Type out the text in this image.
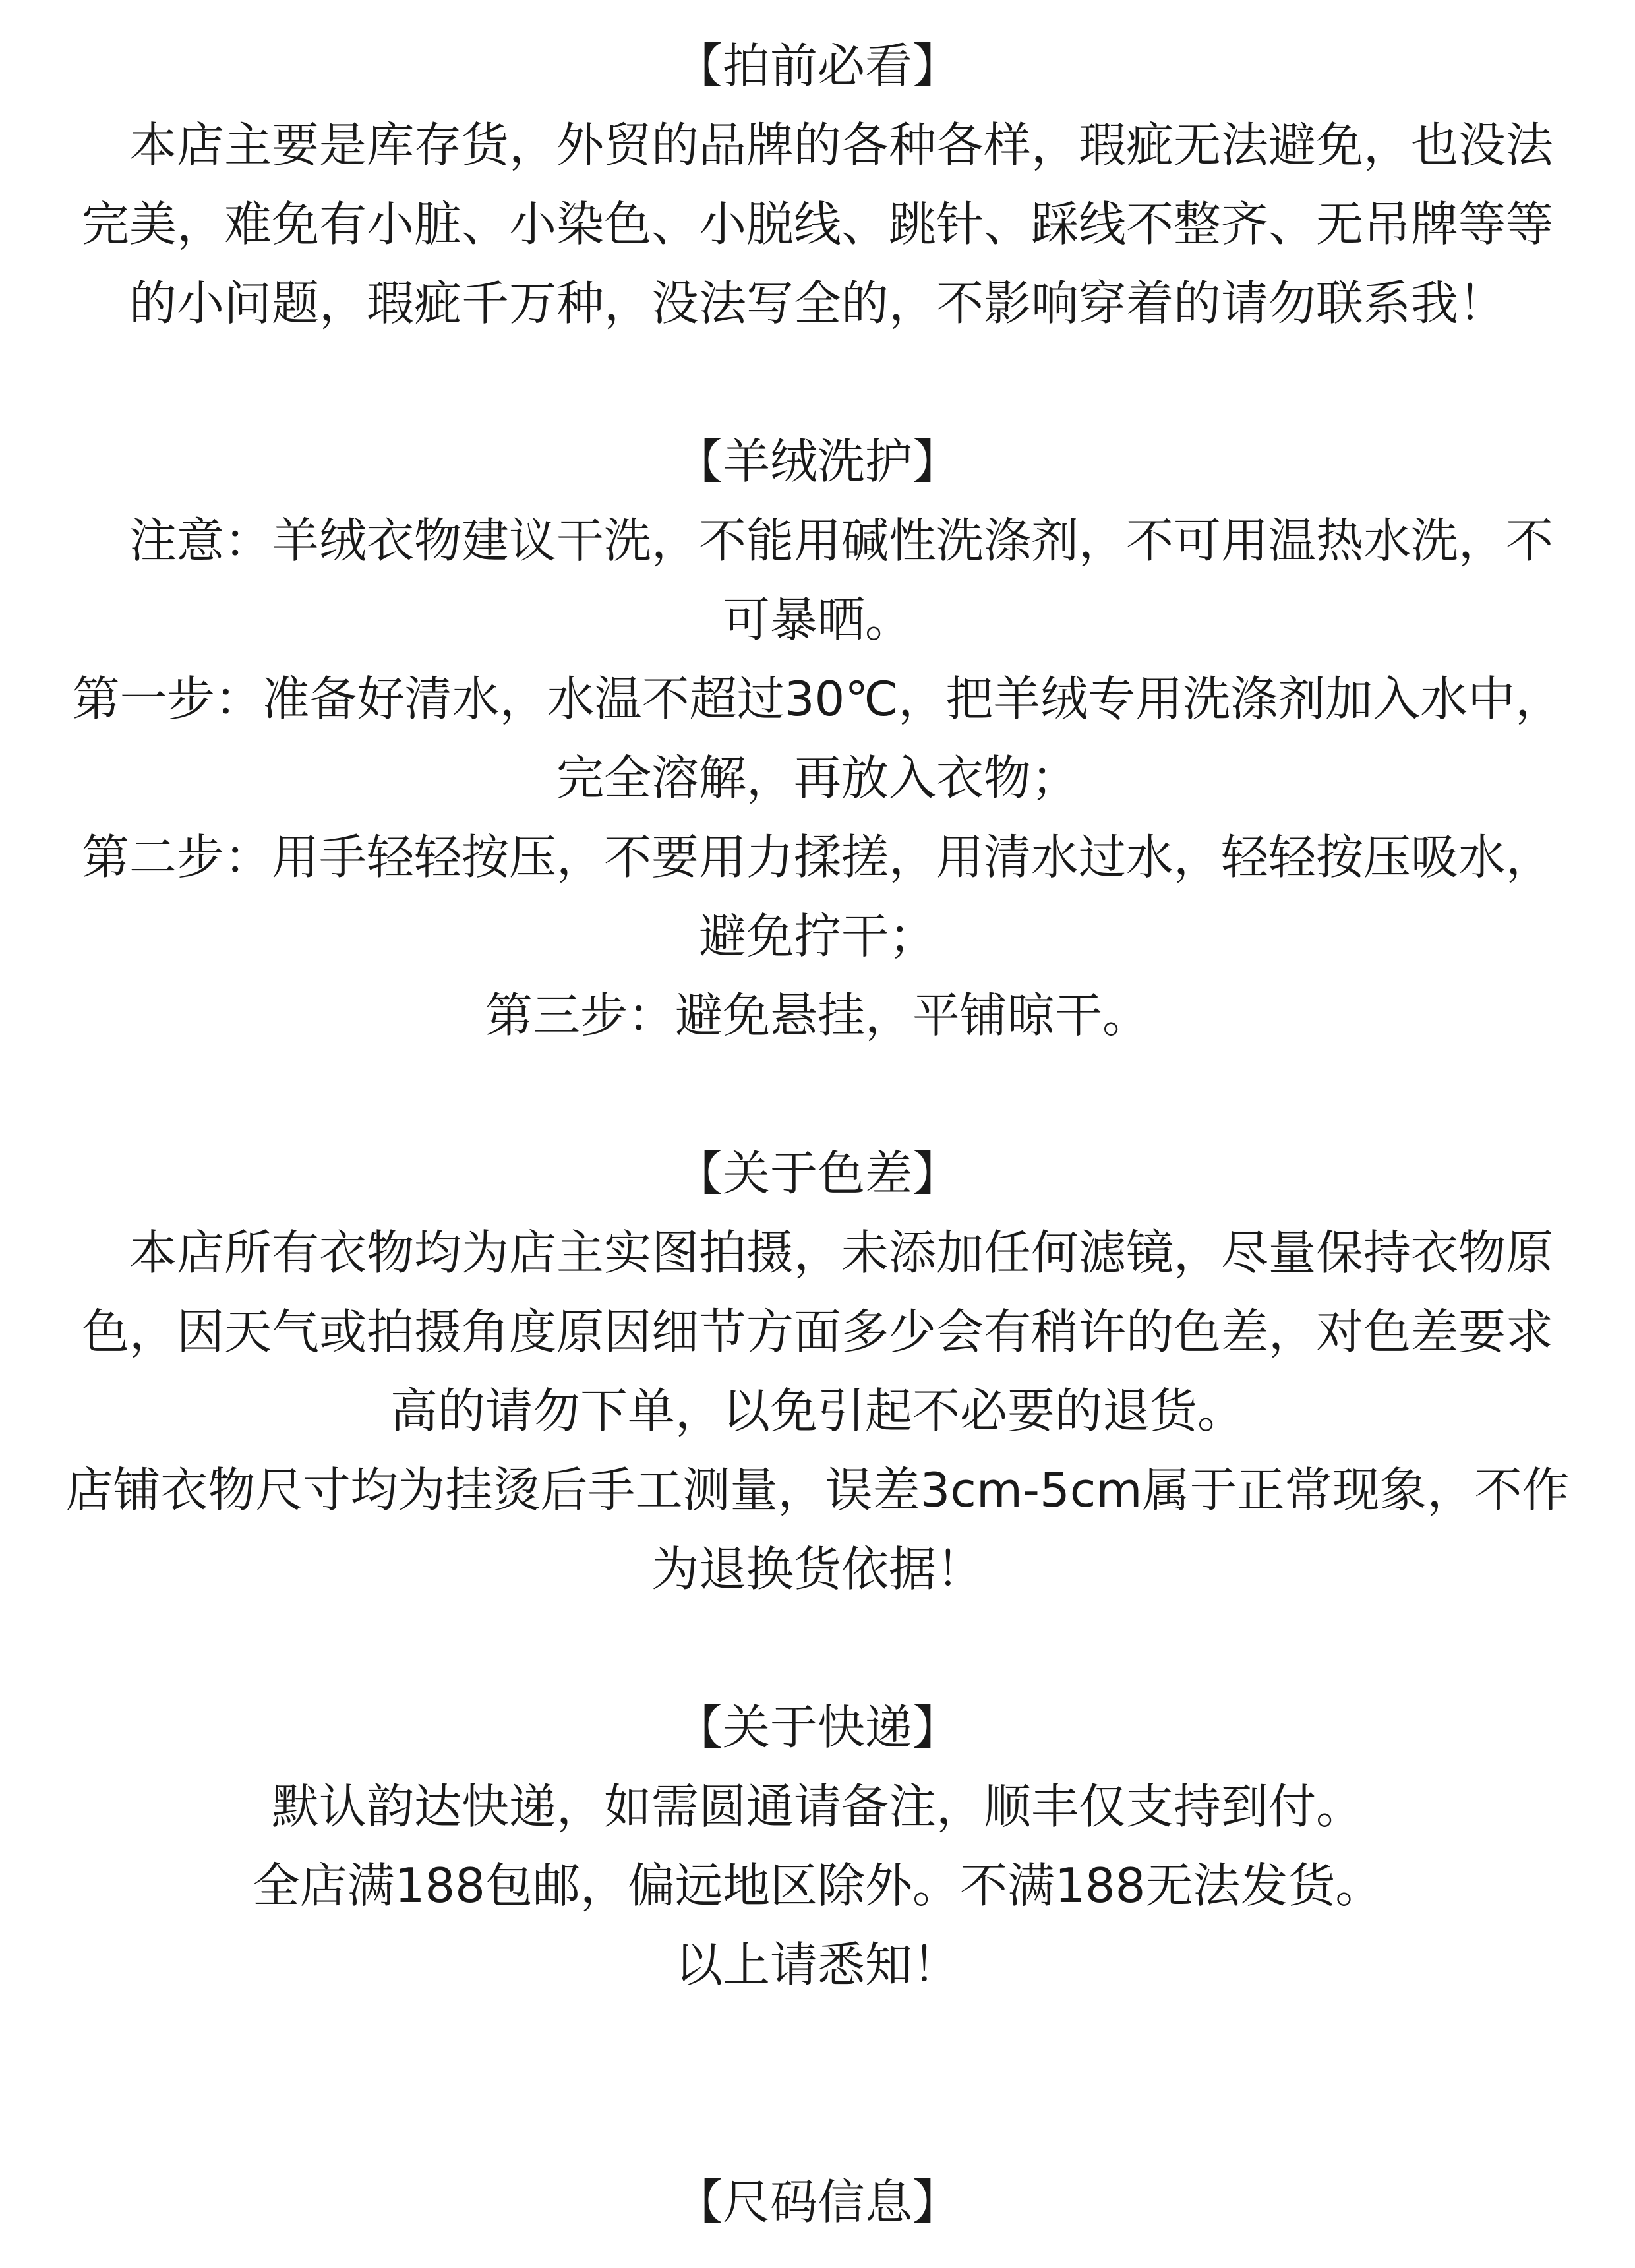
【拍前必看】
　本店主要是库存货，外贸的品牌的各种各样，瑕疵无法避免，也没法
完美，难免有小脏、小染色、小脱线、跳针、踩线不整齐、无吊牌等等
的小问题，瑕疵千万种，没法写全的，不影响穿着的请勿联系我！
【羊绒洗护】
　注意：羊绒衣物建议干洗，不能用碱性洗涤剂，不可用温热水洗，不
可暴晒。
第一步：准备好清水，水温不超过30℃，把羊绒专用洗涤剂加入水中，
完全溶解，再放入衣物；
第二步：用手轻轻按压，不要用力揉搓，用清水过水，轻轻按压吸水，
避免拧干；
第三步：避免悬挂，平铺晾干。
【关于色差】
　本店所有衣物均为店主实图拍摄，未添加任何滤镜，尽量保持衣物原
色，因天气或拍摄角度原因细节方面多少会有稍许的色差，对色差要求
高的请勿下单，以免引起不必要的退货。
店铺衣物尺寸均为挂烫后手工测量，误差3cm-5cm属于正常现象，不作
为退换货依据！
【关于快递】
默认韵达快递，如需圆通请备注，顺丰仅支持到付。
全店满188包邮，偏远地区除外。不满188无法发货。
以上请悉知！
【尺码信息】
